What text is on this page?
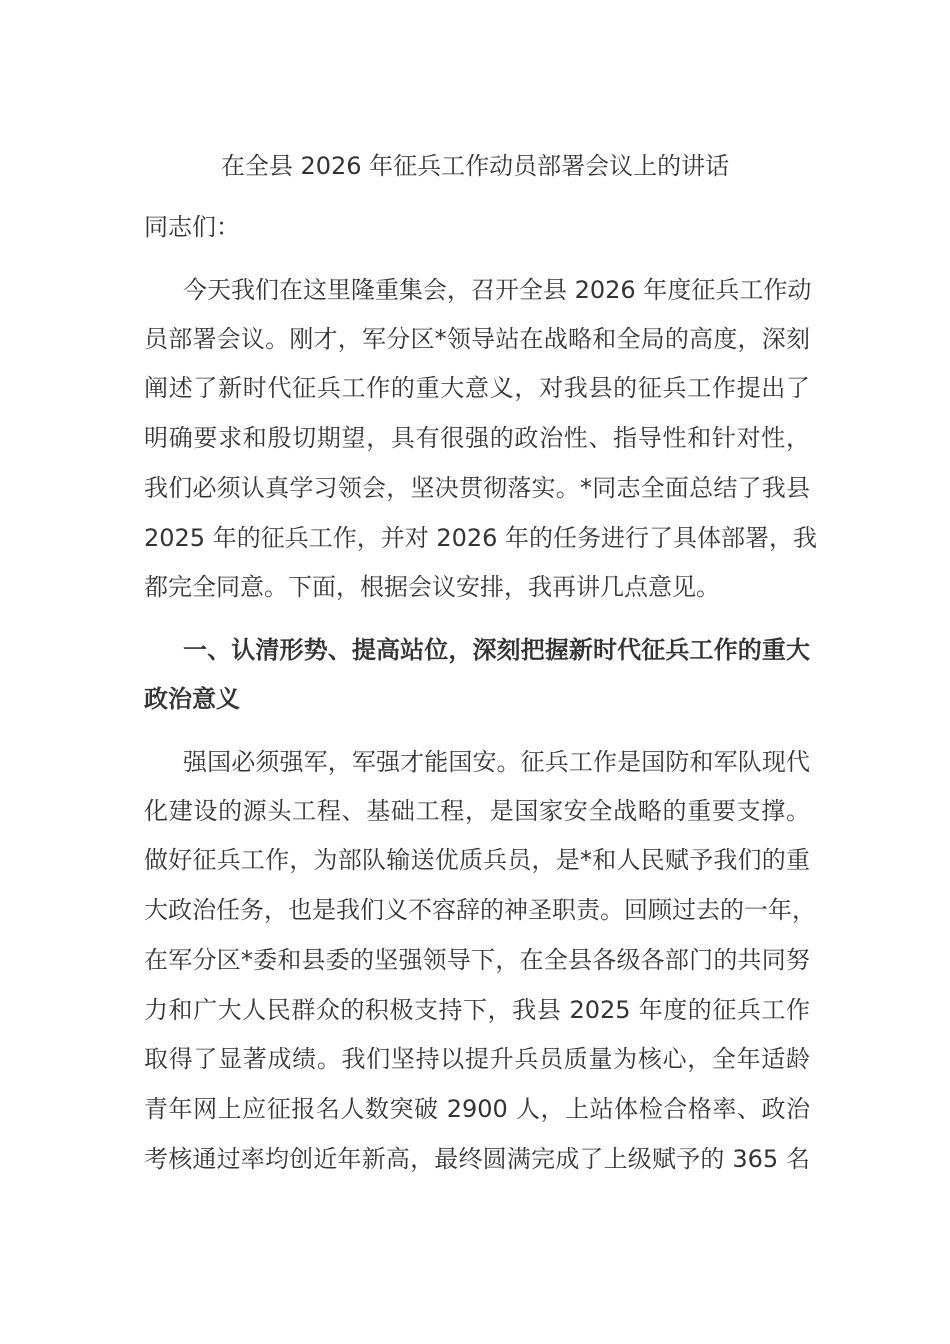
在全县 2026 年征兵工作动员部署会议上的讲话
同志们：
今天我们在这里隆重集会，召开全县 2026 年度征兵工作动
员部署会议。刚才，军分区*领导站在战略和全局的高度，深刻
阐述了新时代征兵工作的重大意义，对我县的征兵工作提出了
明确要求和殷切期望，具有很强的政治性、指导性和针对性，
我们必须认真学习领会，坚决贯彻落实。*同志全面总结了我县
2025 年的征兵工作，并对 2026 年的任务进行了具体部署，我
都完全同意。下面，根据会议安排，我再讲几点意见。
一、认清形势、提高站位，深刻把握新时代征兵工作的重大
政治意义
强国必须强军，军强才能国安。征兵工作是国防和军队现代
化建设的源头工程、基础工程，是国家安全战略的重要支撑。
做好征兵工作，为部队输送优质兵员，是*和人民赋予我们的重
大政治任务，也是我们义不容辞的神圣职责。回顾过去的一年，
在军分区*委和县委的坚强领导下，在全县各级各部门的共同努
力和广大人民群众的积极支持下，我县 2025 年度的征兵工作
取得了显著成绩。我们坚持以提升兵员质量为核心，全年适龄
青年网上应征报名人数突破 2900 人，上站体检合格率、政治
考核通过率均创近年新高，最终圆满完成了上级赋予的 365 名
